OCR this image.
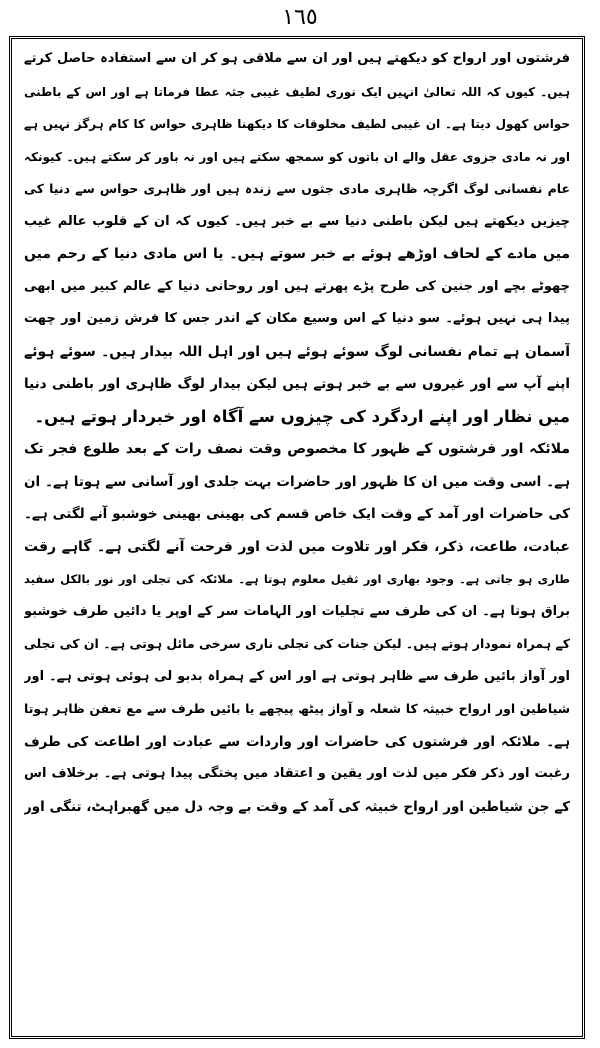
١٦٥
فرشتوں اور ارواح کو دیکھتے ہیں اور ان سے ملاقی ہو کر ان سے استفادہ حاصل کرتے
ہیں۔ کیوں کہ اللہ تعالیٰ انہیں ایک نوری لطیف غیبی جثہ عطا فرماتا ہے اور اس کے باطنی
حواس کھول دیتا ہے۔ ان غیبی لطیف مخلوقات کا دیکھنا ظاہری حواس کا کام ہرگز نہیں ہے
اور نہ مادی جزوی عقل والے ان باتوں کو سمجھ سکتے ہیں اور نہ باور کر سکتے ہیں۔ کیونکہ
عام نفسانی لوگ اگرچہ ظاہری مادی جثوں سے زندہ ہیں اور ظاہری حواس سے دنیا کی
چیزیں دیکھتے ہیں لیکن باطنی دنیا سے بے خبر ہیں۔ کیوں کہ ان کے قلوب عالم غیب
میں مادے کے لحاف اوڑھے ہوئے بے خبر سوتے ہیں۔ یا اس مادی دنیا کے رحم میں
چھوٹے بچے اور جنین کی طرح پڑے پھرتے ہیں اور روحانی دنیا کے عالم کبیر میں ابھی
پیدا ہی نہیں ہوئے۔ سو دنیا کے اس وسیع مکان کے اندر جس کا فرش زمین اور چھت
آسمان ہے تمام نفسانی لوگ سوئے ہوئے ہیں اور اہل اللہ بیدار ہیں۔ سوئے ہوئے
اپنے آپ سے اور غیروں سے بے خبر ہوتے ہیں لیکن بیدار لوگ ظاہری اور باطنی دنیا
میں نظار اور اپنے اردگرد کی چیزوں سے آگاہ اور خبردار ہوتے ہیں۔
ملائکہ اور فرشتوں کے ظہور کا مخصوص وقت نصف رات کے بعد طلوع فجر تک
ہے۔ اسی وقت میں ان کا ظہور اور حاضرات بہت جلدی اور آسانی سے ہوتا ہے۔ ان
کی حاضرات اور آمد کے وقت ایک خاص قسم کی بھینی بھینی خوشبو آنے لگتی ہے۔
عبادت، طاعت، ذکر، فکر اور تلاوت میں لذت اور فرحت آنے لگتی ہے۔ گاہے رقت
طاری ہو جاتی ہے۔ وجود بھاری اور ثقیل معلوم ہوتا ہے۔ ملائکہ کی تجلی اور نور بالکل سفید
براق ہوتا ہے۔ ان کی طرف سے تجلیات اور الہامات سر کے اوپر یا دائیں طرف خوشبو
کے ہمراہ نمودار ہوتے ہیں۔ لیکن جنات کی تجلی ناری سرخی مائل ہوتی ہے۔ ان کی تجلی
اور آواز بائیں طرف سے ظاہر ہوتی ہے اور اس کے ہمراہ بدبو لی ہوئی ہوتی ہے۔ اور
شیاطین اور ارواح خبیثہ کا شعلہ و آواز پیٹھ پیچھے یا بائیں طرف سے مع تعفن ظاہر ہوتا
ہے۔ ملائکہ اور فرشتوں کی حاضرات اور واردات سے عبادت اور اطاعت کی طرف
رغبت اور ذکر فکر میں لذت اور یقین و اعتقاد میں پختگی پیدا ہوتی ہے۔ برخلاف اس
کے جن شیاطین اور ارواح خبیثہ کی آمد کے وقت بے وجہ دل میں گھبراہٹ، تنگی اور
